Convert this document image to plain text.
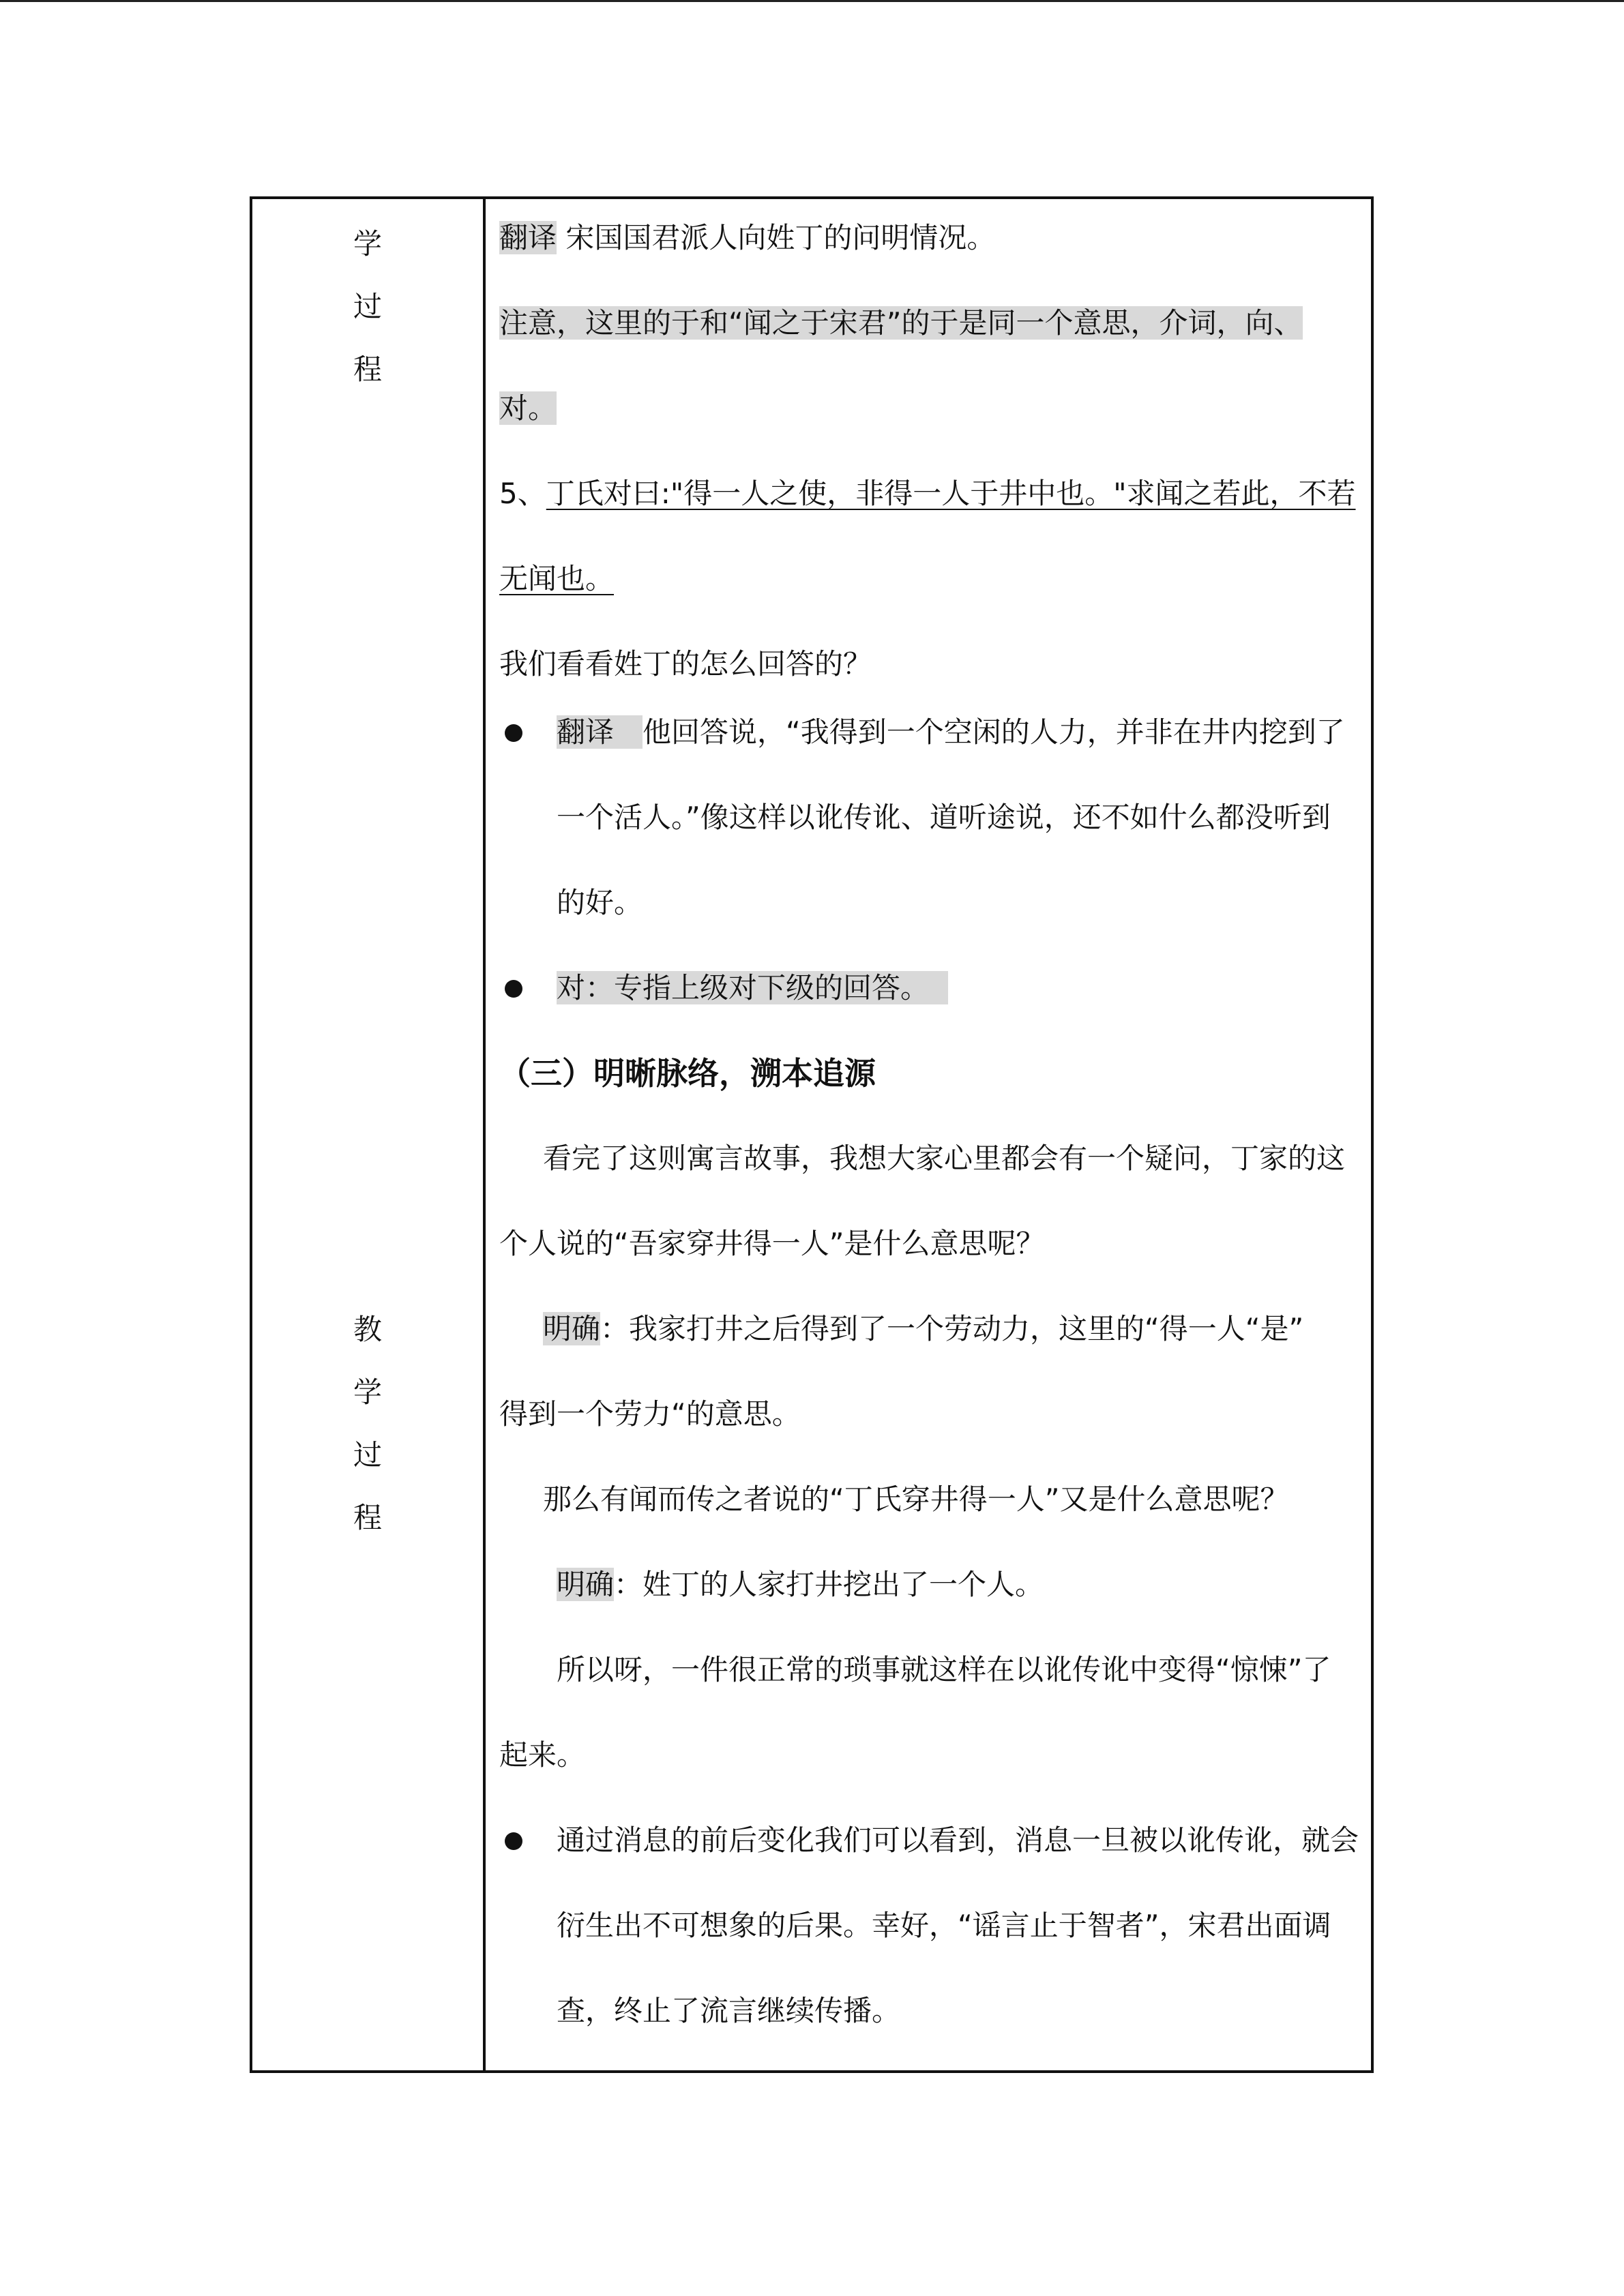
学
过
程
教
学
过
程
翻译 宋国国君派人向姓丁的问明情况。
注意，这里的于和“闻之于宋君”的于是同一个意思，介词，向、
对。
5、丁氏对曰:"得一人之使，非得一人于井中也。"求闻之若此，不若
无闻也。
我们看看姓丁的怎么回答的？
翻译 他回答说，“我得到一个空闲的人力，并非在井内挖到了
一个活人。”像这样以讹传讹、道听途说，还不如什么都没听到
的好。
对：专指上级对下级的回答。
（三）明晰脉络，溯本追源
看完了这则寓言故事，我想大家心里都会有一个疑问，丁家的这
个人说的“吾家穿井得一人”是什么意思呢？
明确：我家打井之后得到了一个劳动力，这里的“得一人“是”
得到一个劳力“的意思。
那么有闻而传之者说的“丁氏穿井得一人”又是什么意思呢？
明确：姓丁的人家打井挖出了一个人。
所以呀，一件很正常的琐事就这样在以讹传讹中变得“惊悚”了
起来。
通过消息的前后变化我们可以看到，消息一旦被以讹传讹，就会
衍生出不可想象的后果。幸好，“谣言止于智者”，宋君出面调
查，终止了流言继续传播。
